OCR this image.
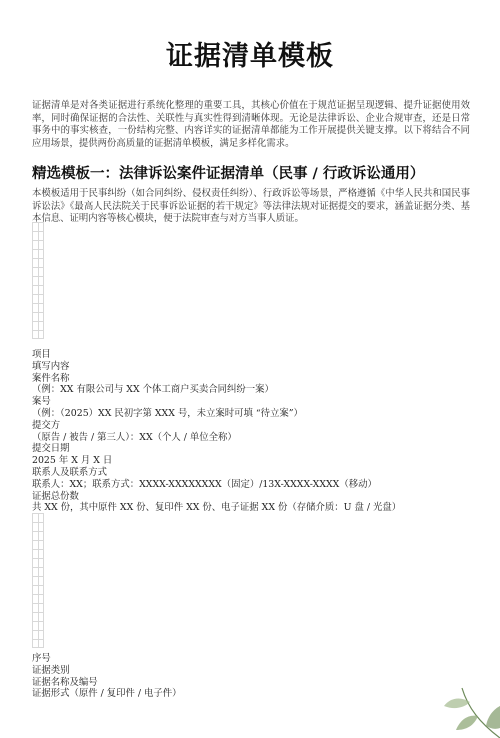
证据清单模板
证据清单是对各类证据进行系统化整理的重要工具，其核心价值在于规范证据呈现逻辑、提升证据使用效率，同时确保证据的合法性、关联性与真实性得到清晰体现。无论是法律诉讼、企业合规审查，还是日常事务中的事实核查，一份结构完整、内容详实的证据清单都能为工作开展提供关键支撑。以下将结合不同应用场景，提供两份高质量的证据清单模板，满足多样化需求。
精选模板一：法律诉讼案件证据清单（民事 / 行政诉讼通用）
本模板适用于民事纠纷（如合同纠纷、侵权责任纠纷）、行政诉讼等场景，严格遵循《中华人民共和国民事诉讼法》《最高人民法院关于民事诉讼证据的若干规定》等法律法规对证据提交的要求，涵盖证据分类、基本信息、证明内容等核心模块，便于法院审查与对方当事人质证。
项目
填写内容
案件名称
（例：XX 有限公司与 XX 个体工商户买卖合同纠纷一案）
案号
（例：（2025）XX 民初字第 XXX 号，未立案时可填 “待立案”）
提交方
（原告 / 被告 / 第三人）：XX（个人 / 单位全称）
提交日期
2025 年 X 月 X 日
联系人及联系方式
联系人：XX；联系方式：XXXX-XXXXXXXX（固定）/13X-XXXX-XXXX（移动）
证据总份数
共 XX 份，其中原件 XX 份、复印件 XX 份、电子证据 XX 份（存储介质：U 盘 / 光盘）
序号
证据类别
证据名称及编号
证据形式（原件 / 复印件 / 电子件）
